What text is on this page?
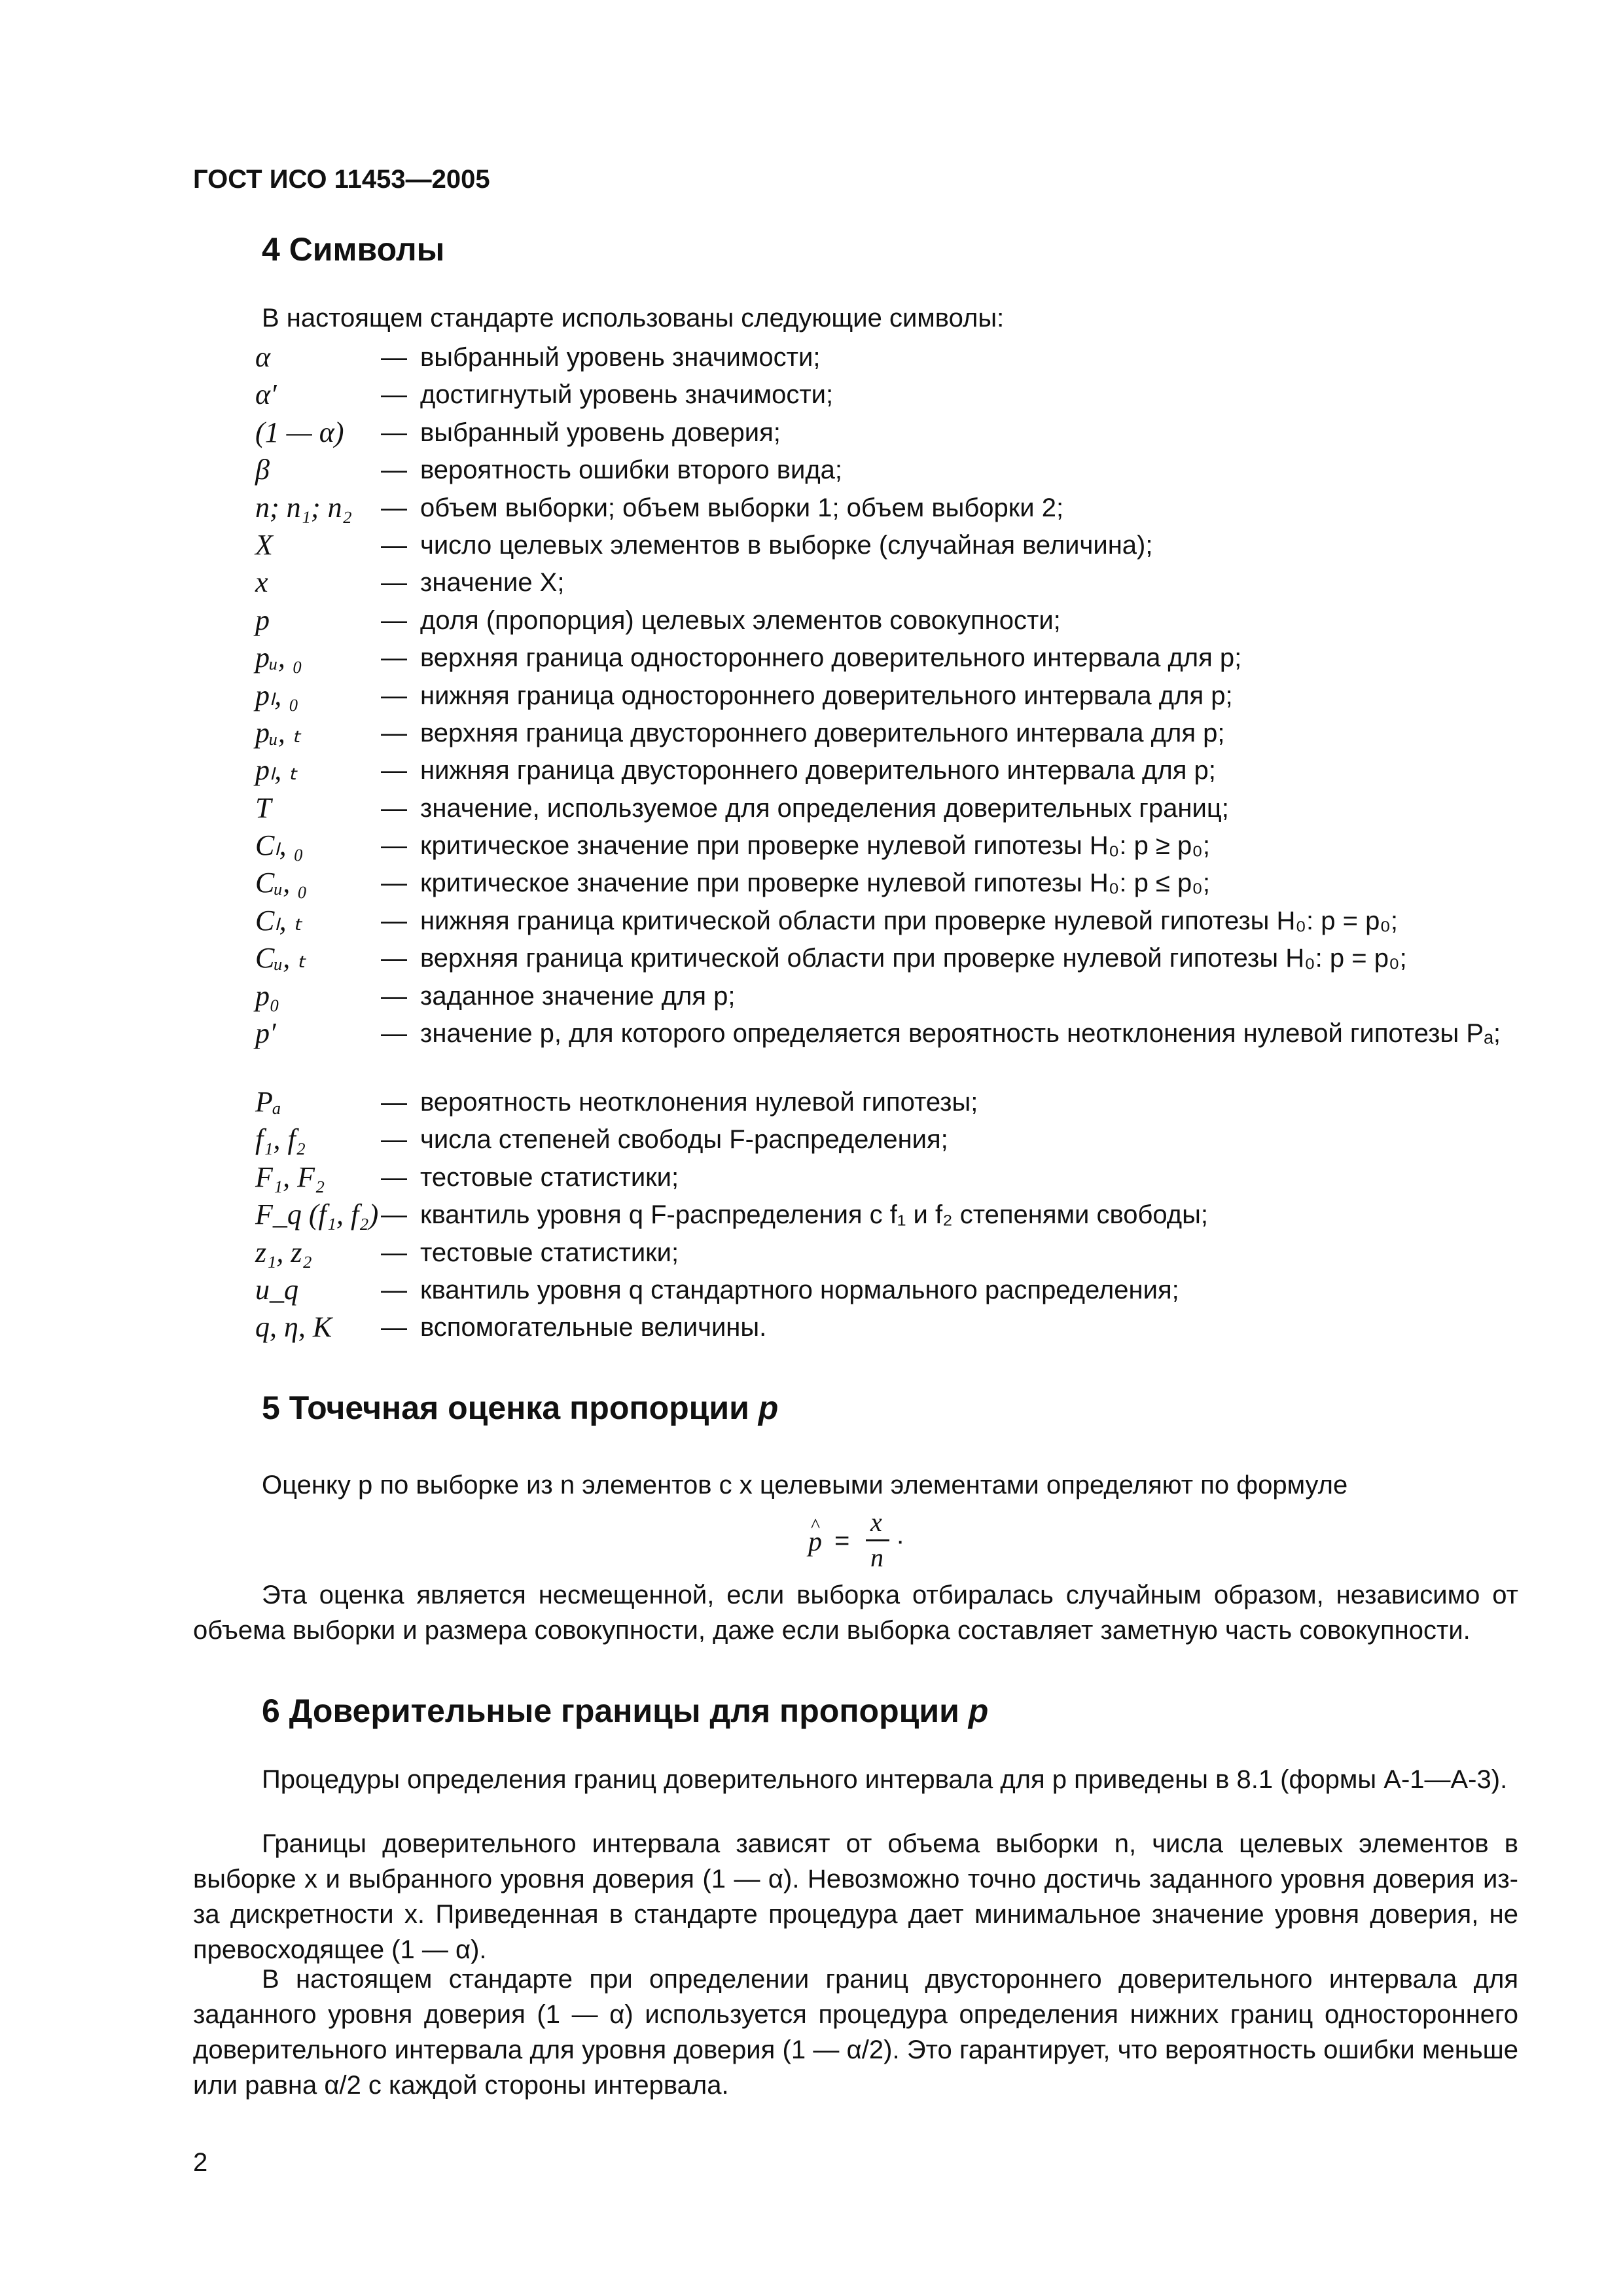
ГОСТ ИСО 11453—2005

4 Символы

В настоящем стандарте использованы следующие символы:

α	— выбранный уровень значимости;
α′	— достигнутый уровень значимости;
(1 — α)	— выбранный уровень доверия;
β	— вероятность ошибки второго вида;
n; n₁; n₂	— объем выборки; объем выборки 1; объем выборки 2;
X	— число целевых элементов в выборке (случайная величина);
x	— значение X;
p	— доля (пропорция) целевых элементов совокупности;
pᵤ, ₀	— верхняя граница одностороннего доверительного интервала для p;
pₗ, ₀	— нижняя граница одностороннего доверительного интервала для p;
pᵤ, ₜ	— верхняя граница двустороннего доверительного интервала для p;
pₗ, ₜ	— нижняя граница двустороннего доверительного интервала для p;
T	— значение, используемое для определения доверительных границ;
Cₗ, ₀	— критическое значение при проверке нулевой гипотезы H₀: p ≥ p₀;
Cᵤ, ₀	— критическое значение при проверке нулевой гипотезы H₀: p ≤ p₀;
Cₗ, ₜ	— нижняя граница критической области при проверке нулевой гипотезы H₀: p = p₀;
Cᵤ, ₜ	— верхняя граница критической области при проверке нулевой гипотезы H₀: p = p₀;
p₀	— заданное значение для p;
p′	— значение p, для которого определяется вероятность неотклонения нулевой гипотезы Pₐ;
Pₐ	— вероятность неотклонения нулевой гипотезы;
f₁, f₂	— числа степеней свободы F-распределения;
F₁, F₂	— тестовые статистики;
F_q (f₁, f₂) — квантиль уровня q F-распределения с f₁ и f₂ степенями свободы;
z₁, z₂	— тестовые статистики;
u_q	— квантиль уровня q стандартного нормального распределения;
q, η, K	— вспомогательные величины.
5 Точечная оценка пропорции p

Оценку p по выборке из n элементов с x целевыми элементами определяют по формуле

^ p =
x
n
·

Эта оценка является несмещенной, если выборка отбиралась случайным образом, независимо от объема выборки и размера совокупности, даже если выборка составляет заметную часть совокупности.

6 Доверительные границы для пропорции p

Процедуры определения границ доверительного интервала для p приведены в 8.1 (формы А-1—А-3).

Границы доверительного интервала зависят от объема выборки n, числа целевых элементов в выборке x и выбранного уровня доверия (1 — α). Невозможно точно достичь заданного уровня доверия из-за дискретности x. Приведенная в стандарте процедура дает минимальное значение уровня доверия, не превосходящее (1 — α).

В настоящем стандарте при определении границ двустороннего доверительного интервала для заданного уровня доверия (1 — α) используется процедура определения нижних границ одностороннего доверительного интервала для уровня доверия (1 — α/2). Это гарантирует, что вероятность ошибки меньше или равна α/2 с каждой стороны интервала.

2
